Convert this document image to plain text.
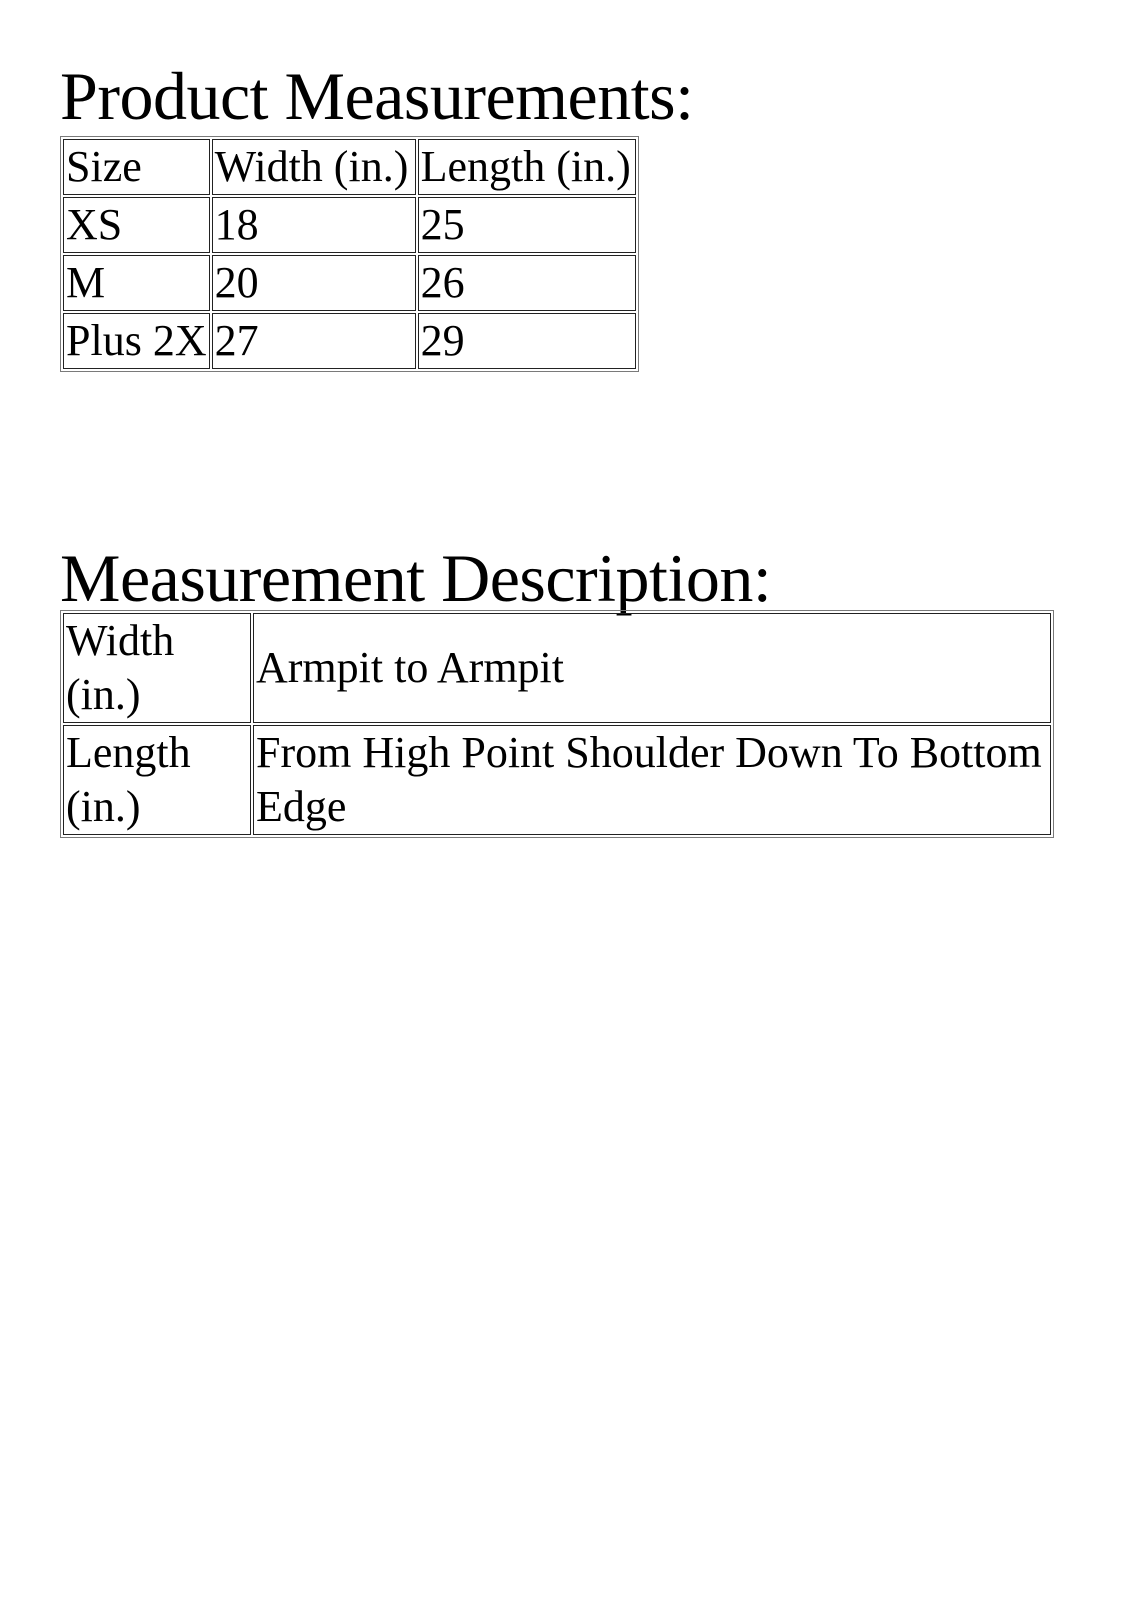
Product Measurements:
Size	Width (in.)	Length (in.)
XS	18	25
M	20	26
Plus 2X	27	29
Measurement Description:
Width (in.)	Armpit to Armpit
Length (in.)	From High Point Shoulder Down To Bottom Edge
